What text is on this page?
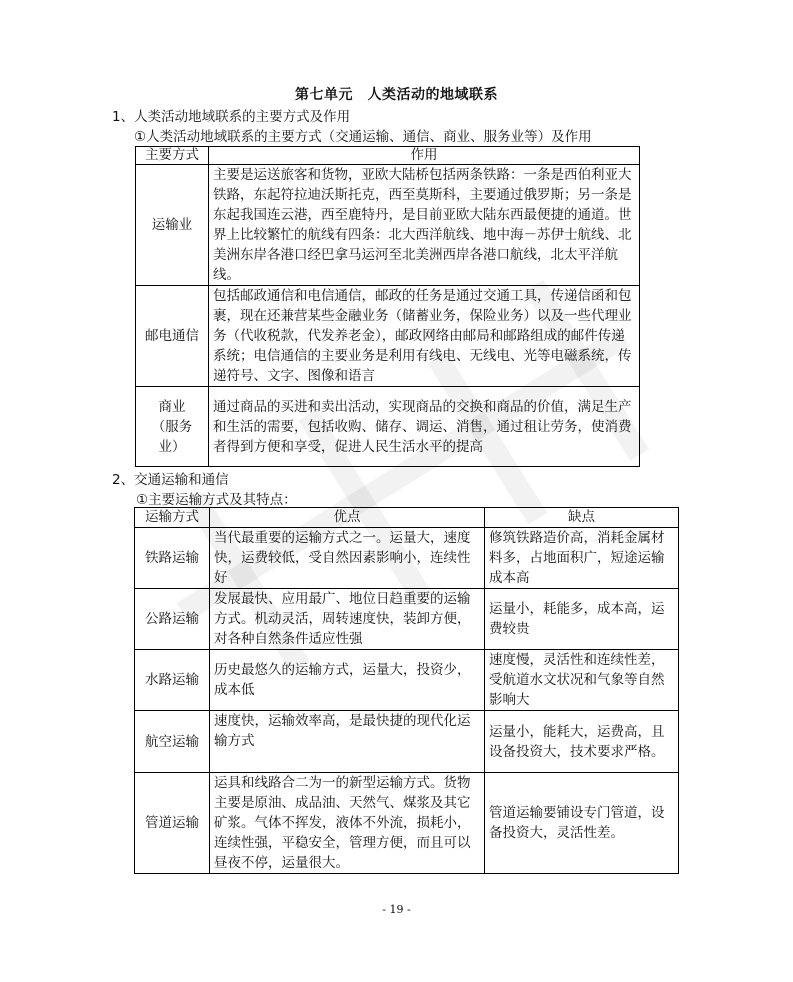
第七单元　人类活动的地域联系
1、人类活动地域联系的主要方式及作用
①人类活动地域联系的主要方式（交通运输、通信、商业、服务业等）及作用
主要方式	作用
运输业	主要是运送旅客和货物，亚欧大陆桥包括两条铁路：一条是西伯利亚大铁路，东起符拉迪沃斯托克，西至莫斯科，主要通过俄罗斯；另一条是东起我国连云港，西至鹿特丹，是目前亚欧大陆东西最便捷的通道。世界上比较繁忙的航线有四条：北大西洋航线、地中海－苏伊士航线、北美洲东岸各港口经巴拿马运河至北美洲西岸各港口航线，北太平洋航线。
邮电通信	包括邮政通信和电信通信，邮政的任务是通过交通工具，传递信函和包裹，现在还兼营某些金融业务（储蓄业务，保险业务）以及一些代理业务（代收税款，代发养老金），邮政网络由邮局和邮路组成的邮件传递系统；电信通信的主要业务是利用有线电、无线电、光等电磁系统，传递符号、文字、图像和语言
商业（服务业）	通过商品的买进和卖出活动，实现商品的交换和商品的价值，满足生产和生活的需要，包括收购、储存、调运、消售，通过租让劳务，使消费者得到方便和享受，促进人民生活水平的提高
2、交通运输和通信
①主要运输方式及其特点：
运输方式	优点	缺点
铁路运输	当代最重要的运输方式之一。运量大，速度快，运费较低，受自然因素影响小，连续性好	修筑铁路造价高，消耗金属材料多，占地面积广，短途运输成本高
公路运输	发展最快、应用最广、地位日趋重要的运输方式。机动灵活，周转速度快，装卸方便，对各种自然条件适应性强	运量小，耗能多，成本高，运费较贵
水路运输	历史最悠久的运输方式，运量大，投资少，成本低	速度慢，灵活性和连续性差，受航道水文状况和气象等自然影响大
航空运输	速度快，运输效率高，是最快捷的现代化运输方式	运量小，能耗大，运费高，且设备投资大，技术要求严格。
管道运输	运具和线路合二为一的新型运输方式。货物主要是原油、成品油、天然气、煤浆及其它矿浆。气体不挥发，液体不外流，损耗小，连续性强，平稳安全，管理方便，而且可以昼夜不停，运量很大。	管道运输要铺设专门管道，设备投资大，灵活性差。
- 19 -
